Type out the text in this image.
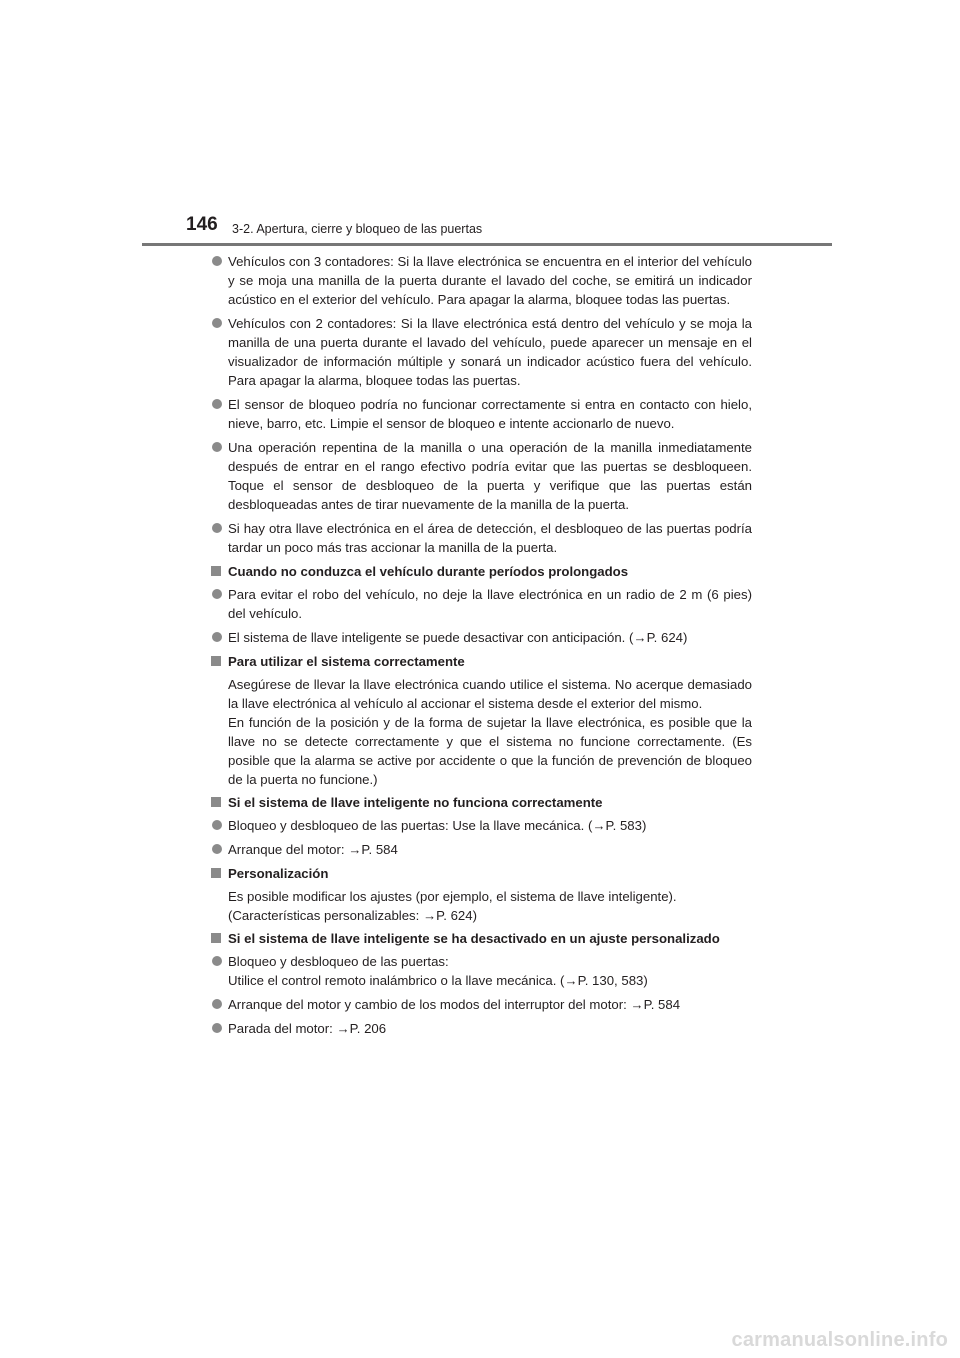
146 3-2. Apertura, cierre y bloqueo de las puertas
Vehículos con 3 contadores: Si la llave electrónica se encuentra en el interior del vehículo y se moja una manilla de la puerta durante el lavado del coche, se emitirá un indicador acústico en el exterior del vehículo. Para apagar la alarma, bloquee todas las puertas.
Vehículos con 2 contadores: Si la llave electrónica está dentro del vehículo y se moja la manilla de una puerta durante el lavado del vehículo, puede aparecer un mensaje en el visualizador de información múltiple y sonará un indicador acústico fuera del vehículo. Para apagar la alarma, bloquee todas las puertas.
El sensor de bloqueo podría no funcionar correctamente si entra en contacto con hielo, nieve, barro, etc. Limpie el sensor de bloqueo e intente accionarlo de nuevo.
Una operación repentina de la manilla o una operación de la manilla inmediatamente después de entrar en el rango efectivo podría evitar que las puertas se desbloqueen. Toque el sensor de desbloqueo de la puerta y verifique que las puertas están desbloqueadas antes de tirar nuevamente de la manilla de la puerta.
Si hay otra llave electrónica en el área de detección, el desbloqueo de las puertas podría tardar un poco más tras accionar la manilla de la puerta.
Cuando no conduzca el vehículo durante períodos prolongados
Para evitar el robo del vehículo, no deje la llave electrónica en un radio de 2 m (6 pies) del vehículo.
El sistema de llave inteligente se puede desactivar con anticipación. (→P. 624)
Para utilizar el sistema correctamente
Asegúrese de llevar la llave electrónica cuando utilice el sistema. No acerque demasiado la llave electrónica al vehículo al accionar el sistema desde el exterior del mismo.
En función de la posición y de la forma de sujetar la llave electrónica, es posible que la llave no se detecte correctamente y que el sistema no funcione correctamente. (Es posible que la alarma se active por accidente o que la función de prevención de bloqueo de la puerta no funcione.)
Si el sistema de llave inteligente no funciona correctamente
Bloqueo y desbloqueo de las puertas: Use la llave mecánica. (→P. 583)
Arranque del motor: →P. 584
Personalización
Es posible modificar los ajustes (por ejemplo, el sistema de llave inteligente).
(Características personalizables: →P. 624)
Si el sistema de llave inteligente se ha desactivado en un ajuste personalizado
Bloqueo y desbloqueo de las puertas:
Utilice el control remoto inalámbrico o la llave mecánica. (→P. 130, 583)
Arranque del motor y cambio de los modos del interruptor del motor: →P. 584
Parada del motor: →P. 206
carmanualsonline.info
